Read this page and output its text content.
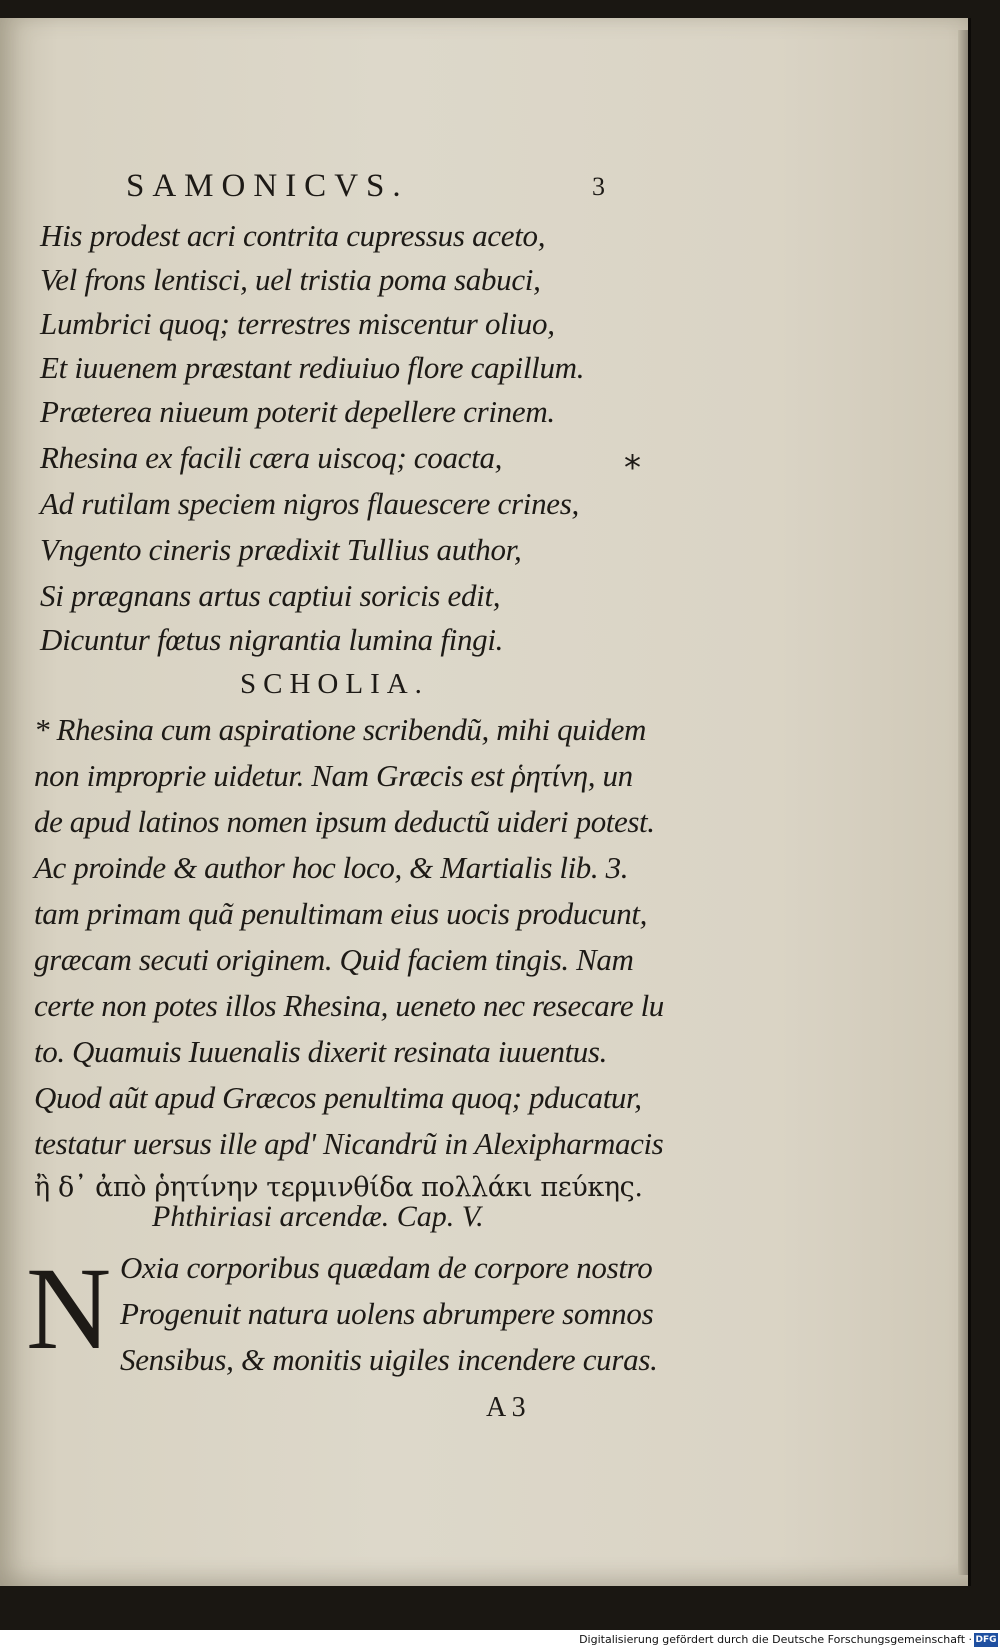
SAMONICVS.	3
His prodest acri contrita cupressus aceto,
Vel frons lentisci, uel tristia poma sabuci,
Lumbrici quoq; terrestres miscentur oliuo,
Et iuuenem præstant rediuiuo flore capillum.
Præterea niueum poterit depellere crinem.
Rhesina ex facili cæra uiscoq; coacta,
Ad rutilam speciem nigros flauescere crines,
Vngento cineris prædixit Tullius author,
Si prægnans artus captiui soricis edit,
Dicuntur fœtus nigrantia lumina fingi.
*
SCHOLIA.
* Rhesina cum aspiratione scribendũ, mihi quidem
non improprie uidetur. Nam Græcis est ῥητίνη, un
de apud latinos nomen ipsum deductũ uideri potest.
Ac proinde & author hoc loco, & Martialis lib. 3.
tam primam quã penultimam eius uocis producunt,
græcam secuti originem. Quid faciem tingis. Nam
certe non potes illos Rhesina, ueneto nec resecare lu
to. Quamuis Iuuenalis dixerit resinata iuuentus.
Quod aũt apud Græcos penultima quoq; pducatur,
testatur uersus ille apd' Nicandrũ in Alexipharmacis
ἢ δ᾽ ἀπὸ ῥητίνην τερμινθίδα πολλάκι πεύκης.
Phthiriasi arcendæ. Cap. V.
N Oxia corporibus quædam de corpore nostro
Progenuit natura uolens abrumpere somnos
Sensibus, & monitis uigiles incendere curas.
A 3
Digitalisierung gefördert durch die Deutsche Forschungsgemeinschaft · DFG
